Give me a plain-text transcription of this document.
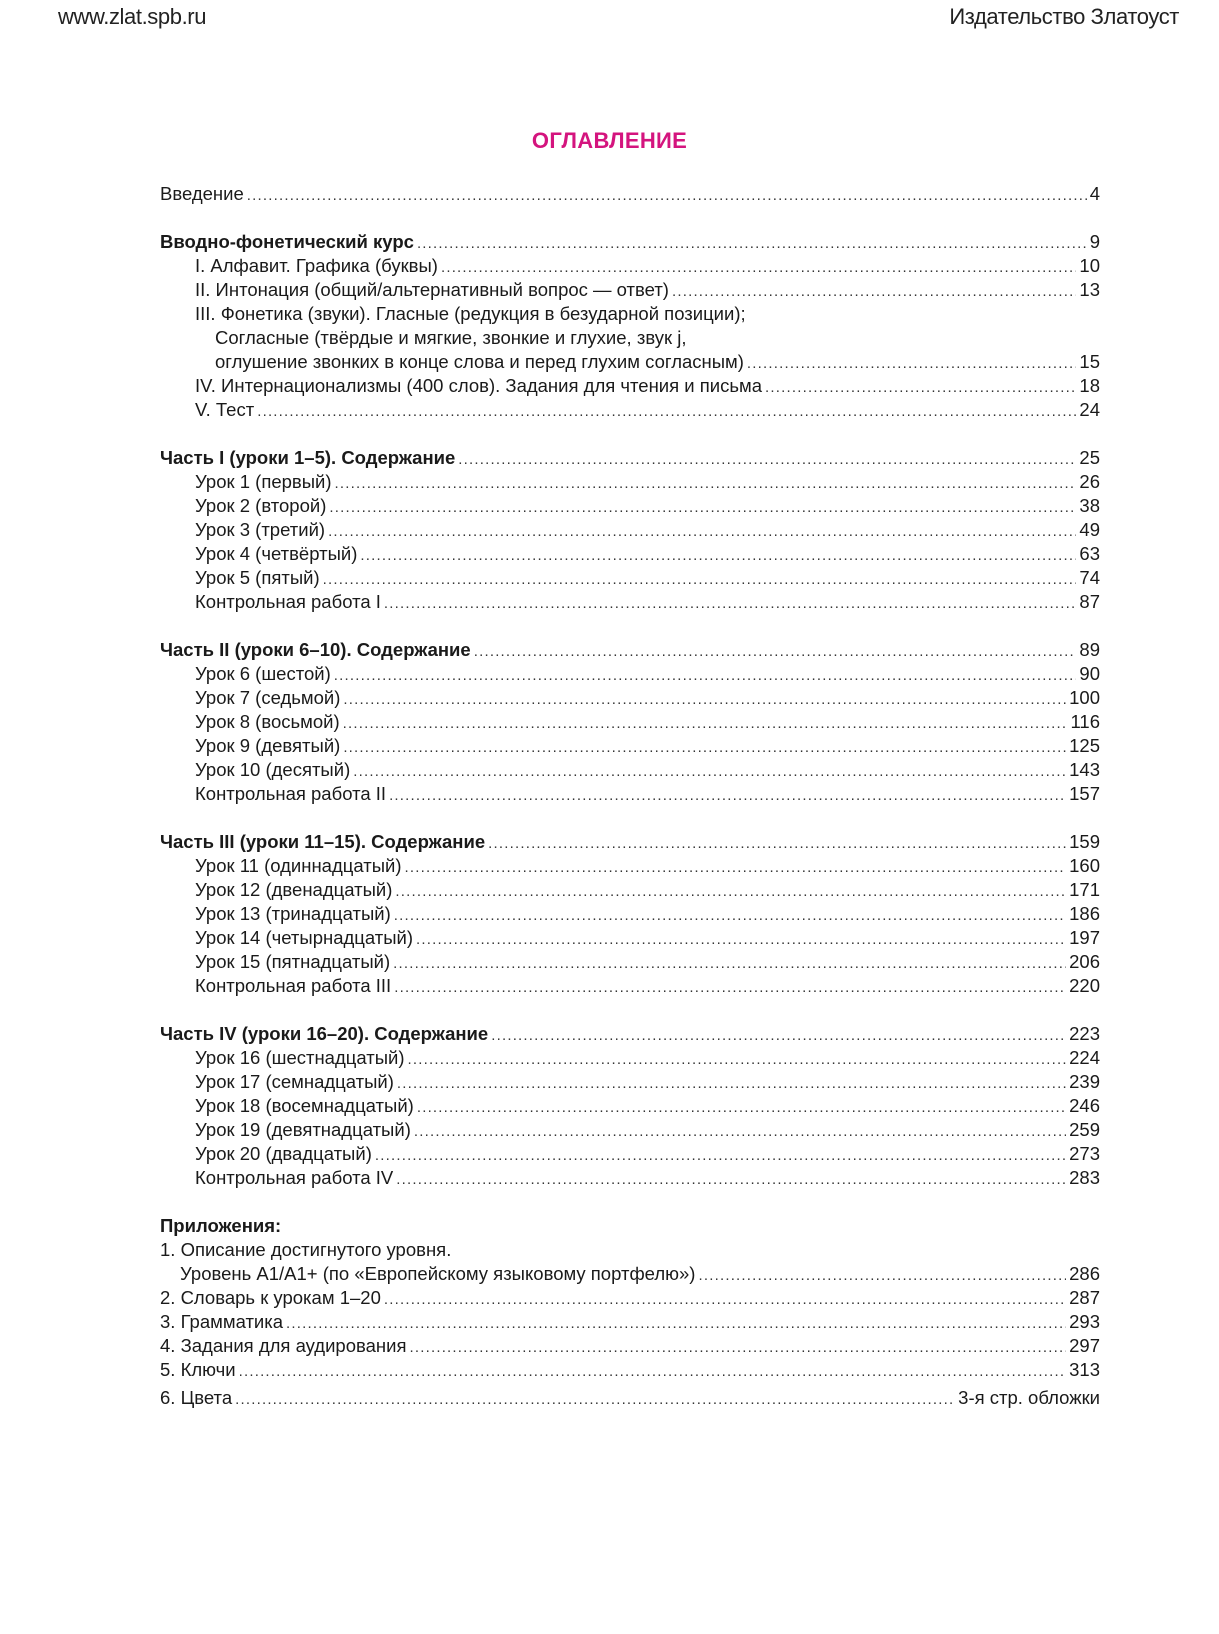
www.zlat.spb.ru	Издательство Златоуст
ОГЛАВЛЕНИЕ
Введение .....	4
Вводно-фонетический курс .....	9
I. Алфавит. Графика (буквы) .....	10
II. Интонация (общий/альтернативный вопрос — ответ) .....	13
III. Фонетика (звуки). Гласные (редукция в безударной позиции);
Согласные (твёрдые и мягкие, звонкие и глухие, звук j,
оглушение звонких в конце слова и перед глухим согласным) .....	15
IV. Интернационализмы (400 слов). Задания для чтения и письма .....	18
V. Тест .....	24
Часть I (уроки 1–5). Содержание .....	25
Урок 1 (первый) .....	26
Урок 2 (второй) .....	38
Урок 3 (третий) .....	49
Урок 4 (четвёртый) .....	63
Урок 5 (пятый) .....	74
Контрольная работа I .....	87
Часть II (уроки 6–10). Содержание .....	89
Урок 6 (шестой) .....	90
Урок 7 (седьмой) .....	100
Урок 8 (восьмой) .....	116
Урок 9 (девятый) .....	125
Урок 10 (десятый) .....	143
Контрольная работа II .....	157
Часть III (уроки 11–15). Содержание .....	159
Урок 11 (одиннадцатый) .....	160
Урок 12 (двенадцатый) .....	171
Урок 13 (тринадцатый) .....	186
Урок 14 (четырнадцатый) .....	197
Урок 15 (пятнадцатый) .....	206
Контрольная работа III .....	220
Часть IV (уроки 16–20). Содержание .....	223
Урок 16 (шестнадцатый) .....	224
Урок 17 (семнадцатый) .....	239
Урок 18 (восемнадцатый) .....	246
Урок 19 (девятнадцатый) .....	259
Урок 20 (двадцатый) .....	273
Контрольная работа IV .....	283
Приложения:
1. Описание достигнутого уровня.
Уровень А1/А1+ (по «Европейскому языковому портфелю») .....	286
2. Словарь к урокам 1–20 .....	287
3. Грамматика .....	293
4. Задания для аудирования .....	297
5. Ключи .....	313
6. Цвета .....	3-я стр. обложки
